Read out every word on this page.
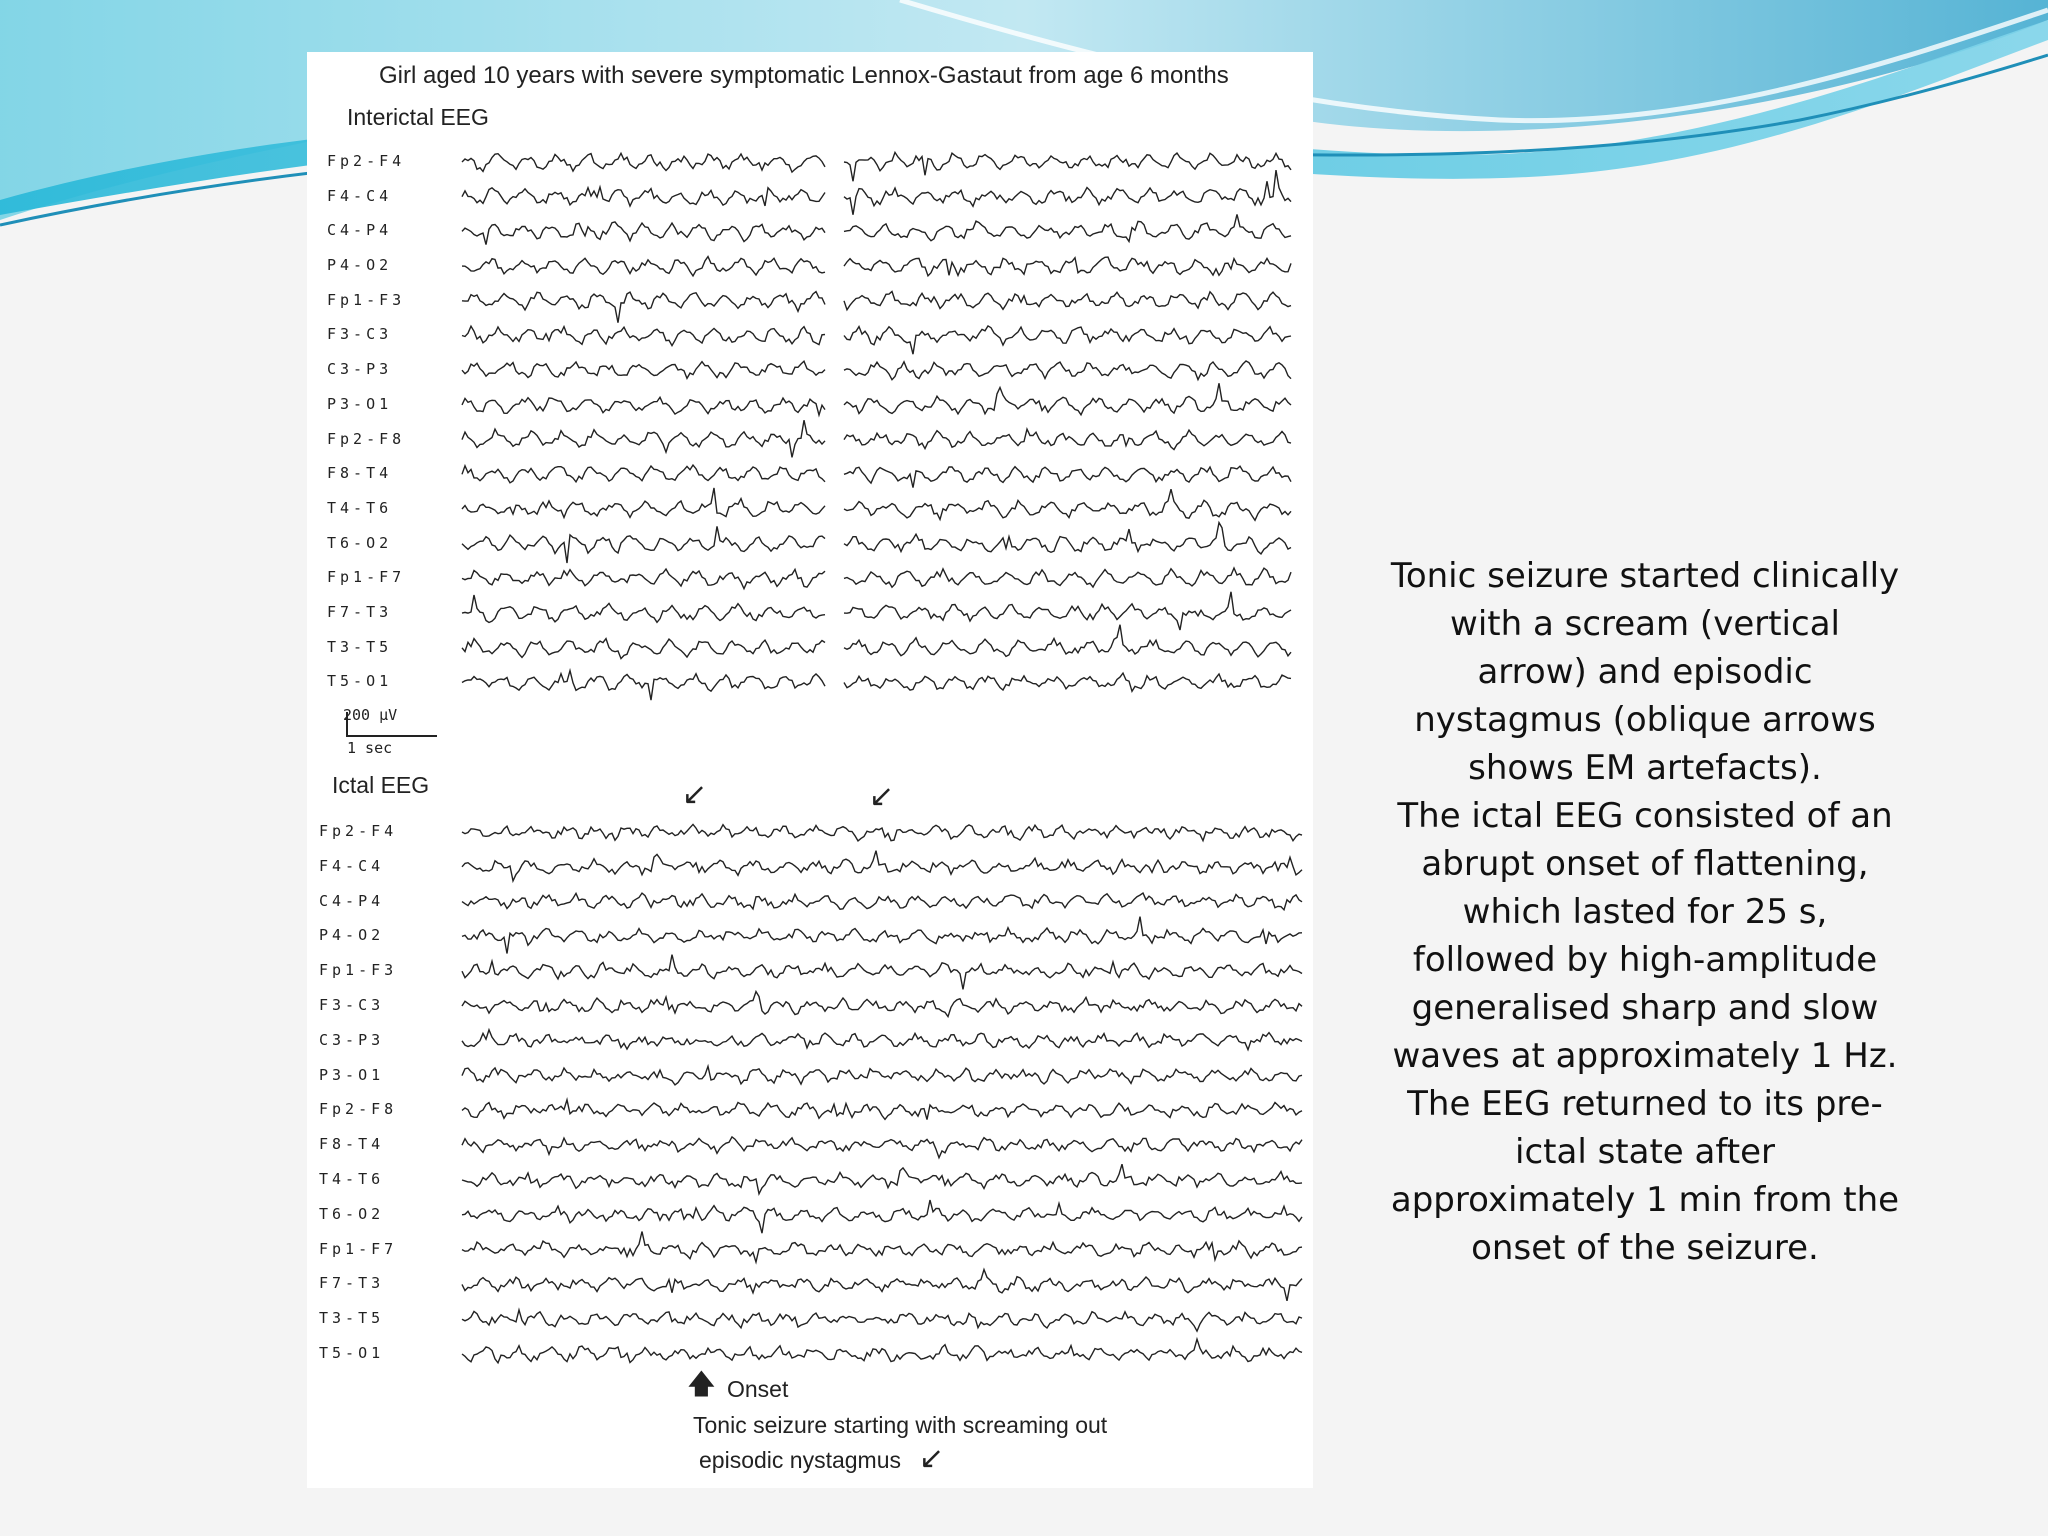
Girl aged 10 years with severe symptomatic Lennox-Gastaut from age 6 months
Interictal EEG
Fp2-F4
F4-C4
C4-P4
P4-O2
Fp1-F3
F3-C3
C3-P3
P3-O1
Fp2-F8
F8-T4
T4-T6
T6-O2
Fp1-F7
F7-T3
T3-T5
T5-O1
200 µV
1 sec
Ictal EEG
Fp2-F4
F4-C4
C4-P4
P4-O2
Fp1-F3
F3-C3
C3-P3
P3-O1
Fp2-F8
F8-T4
T4-T6
T6-O2
Fp1-F7
F7-T3
T3-T5
T5-O1
↙	↙
🡅 Onset
Tonic seizure starting with screaming out
episodic nystagmus ↙
Tonic seizure started clinically
with a scream (vertical
arrow) and episodic
nystagmus (oblique arrows
shows EM artefacts).
The ictal EEG consisted of an
abrupt onset of flattening,
which lasted for 25 s,
followed by high-amplitude
generalised sharp and slow
waves at approximately 1 Hz.
The EEG returned to its pre-
ictal state after
approximately 1 min from the
onset of the seizure.
